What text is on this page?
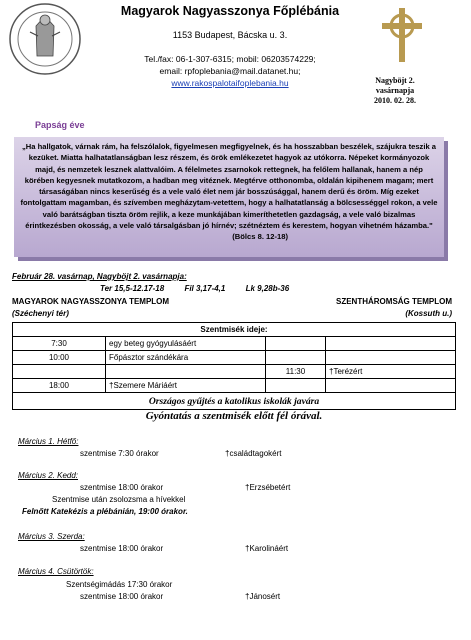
Magyarok Nagyasszonya Főplébánia
1153 Budapest, Bácska u. 3.
Tel./fax: 06-1-307-6315; mobil: 06203574229;
email: rpfoplebania@mail.datanet.hu;
www.rakospalotaifoplebania.hu	Nagyböjt 2.
vasárnapja
2010. 02. 28.
Papság éve

„Ha hallgatok, várnak rám, ha felszólalok, figyelmesen megfigyelnek, és ha hosszabban beszélek, szájukra teszik a kezüket. Miatta halhatatlanságban lesz részem, és örök emlékezetet hagyok az utókorra. Népeket kormányozok majd, és nemzetek lesznek alattvalóim. A félelmetes zsarnokok rettegnek, ha felőlem hallanak, hanem a nép körében kegyesnek mutatkozom, a hadban meg vitéznek. Megtérve otthonomba, oldalán kipihenem magam; mert társaságában nincs keserűség és a vele való élet nem jár bosszúsággal, hanem derű és öröm. Míg ezeket fontolgattam magamban, és szívemben megházytam-vetettem, hogy a halhatatlanság a bölcsességgel rokon, a vele való barátságban tiszta öröm rejlik, a keze munkájában kimeríthetetlen gazdagság, a vele való bizalmas érintkezésben okosság, a vele való társalgásban jó hírnév; szétnéztem és kerestem, hogyan vihetném házamba."

(Bölcs 8. 12-18)

Február 28. vasárnap, Nagyböjt 2. vasárnapja:
Ter 15,5-12.17-18	Fil 3,17-4,1	Lk 9,28b-36
MAGYAROK NAGYASSZONYA TEMPLOM	SZENTHÁROMSÁG TEMPLOM
(Széchenyi tér)	(Kossuth u.)
Szentmisék ideje:			
7:30	egy beteg gyógyulásáért		
10:00	Főpásztor szándékára		
		11:30	†Terézért
18:00	†Szemere Máriáért		
Országos gyűjtés a katolikus iskolák javára			
Gyóntatás a szentmisék előtt fél órával.
Március 1. Hétfő:
szentmise 7:30 órakor	†családtagokért
Március 2. Kedd:
szentmise 18:00 órakor	†Erzsébetért
Szentmise után zsolozsma a hívekkel
Felnőtt Katekézis a plébánián, 19:00 órakor.
Március 3. Szerda:
szentmise 18:00 órakor	†Karolináért
Március 4. Csütörtök:
Szentségimádás 17:30 órakor
szentmise 18:00 órakor	†Jánosért
